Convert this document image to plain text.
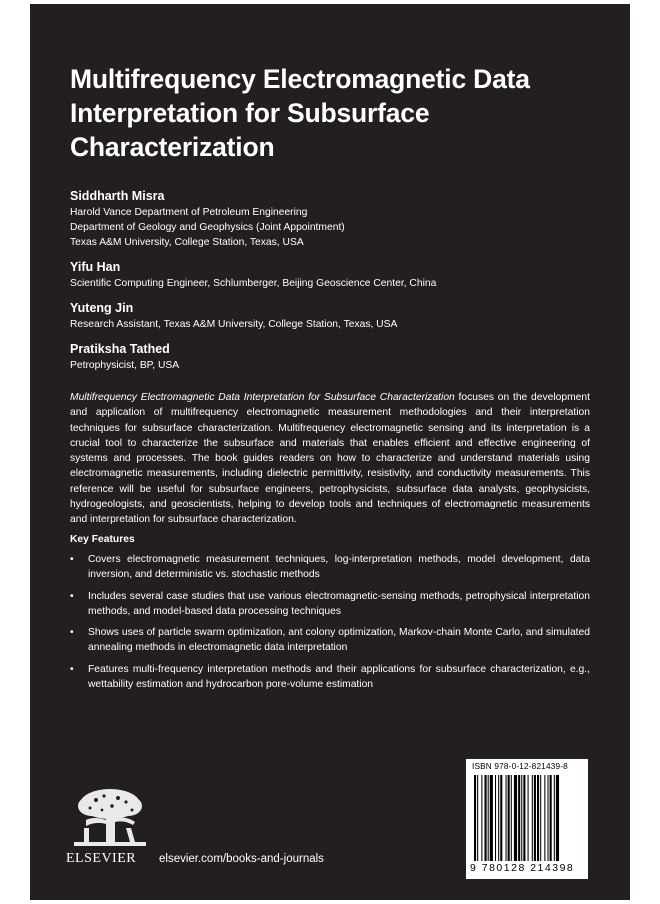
Multifrequency Electromagnetic Data Interpretation for Subsurface Characterization
Siddharth Misra
Harold Vance Department of Petroleum Engineering
Department of Geology and Geophysics (Joint Appointment)
Texas A&M University, College Station, Texas, USA
Yifu Han
Scientific Computing Engineer, Schlumberger, Beijing Geoscience Center, China
Yuteng Jin
Research Assistant, Texas A&M University, College Station, Texas, USA
Pratiksha Tathed
Petrophysicist, BP, USA

Multifrequency Electromagnetic Data Interpretation for Subsurface Characterization focuses on the development and application of multifrequency electromagnetic measurement methodologies and their interpretation techniques for subsurface characterization. Multifrequency electromagnetic sensing and its interpretation is a crucial tool to characterize the subsurface and materials that enables efficient and effective engineering of systems and processes. The book guides readers on how to characterize and understand materials using electromagnetic measurements, including dielectric permittivity, resistivity, and conductivity measurements. This reference will be useful for subsurface engineers, petrophysicists, subsurface data analysts, geophysicists, hydrogeologists, and geoscientists, helping to develop tools and techniques of electromagnetic measurements and interpretation for subsurface characterization.

Key Features
• Covers electromagnetic measurement techniques, log-interpretation methods, model development, data inversion, and deterministic vs. stochastic methods
• Includes several case studies that use various electromagnetic-sensing methods, petrophysical interpretation methods, and model-based data processing techniques
• Shows uses of particle swarm optimization, ant colony optimization, Markov-chain Monte Carlo, and simulated annealing methods in electromagnetic data interpretation
• Features multi-frequency interpretation methods and their applications for subsurface characterization, e.g., wettability estimation and hydrocarbon pore-volume estimation
ELSEVIER elsevier.com/books-and-journals
ISBN 978-0-12-821439-8
9 780128 214398
